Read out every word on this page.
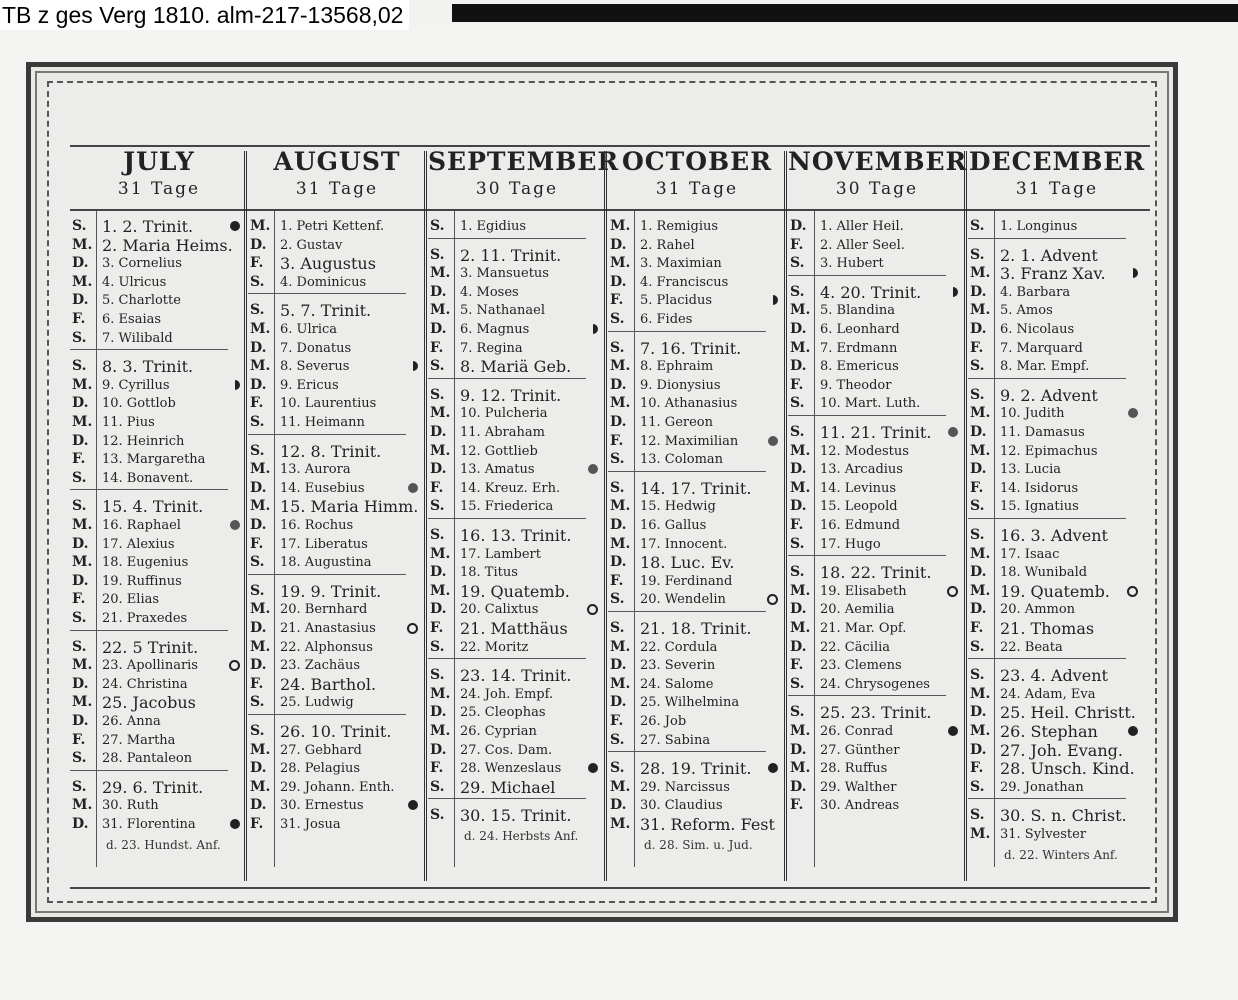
TB z ges Verg 1810. alm-217-13568,02
JULY
31 Tage
S. 1. 2. Trinit.
M. 2. Maria Heims.
D.	3. Cornelius
M. 4. Ulricus
D.	5. Charlotte
F.	6. Esaias
S.	7. Wilibald
S. 8. 3. Trinit.
M. 9. Cyrillus
D.	10. Gottlob
M. 11. Pius
D.	12. Heinrich
F.	13. Margaretha
S.	14. Bonavent.
S. 15. 4. Trinit.
M. 16. Raphael
D.	17. Alexius
M. 18. Eugenius
D.	19. Ruffinus
F.	20. Elias
S.	21. Praxedes
S. 22. 5 Trinit.
M. 23. Apollinaris
D.	24. Christina
M. 25. Jacobus
D.	26. Anna
F.	27. Martha
S.	28. Pantaleon
S. 29. 6. Trinit.
M. 30. Ruth
D.	31. Florentina
d. 23. Hundst. Anf.
AUGUST
31 Tage
M. 1. Petri Kettenf.
D.	2. Gustav
F.	3. Augustus
S.	4. Dominicus
S. 5. 7. Trinit.
M. 6. Ulrica
D.	7. Donatus
M. 8. Severus
D.	9. Ericus
F.	10. Laurentius
S.	11. Heimann
S. 12. 8. Trinit.
M. 13. Aurora
D.	14. Eusebius
M. 15. Maria Himm.
D.	16. Rochus
F.	17. Liberatus
S.	18. Augustina
S. 19. 9. Trinit.
M. 20. Bernhard
D.	21. Anastasius
M. 22. Alphonsus
D.	23. Zachäus
F.	24. Barthol.
S.	25. Ludwig
S. 26. 10. Trinit.
M. 27. Gebhard
D.	28. Pelagius
M. 29. Johann. Enth.
D.	30. Ernestus
F.	31. Josua
SEPTEMBER
30 Tage
S.	1. Egidius
S. 2. 11. Trinit.
M. 3. Mansuetus
D.	4. Moses
M. 5. Nathanael
D.	6. Magnus
F.	7. Regina
S. 8. Mariä Geb.
S. 9. 12. Trinit.
M. 10. Pulcheria
D.	11. Abraham
M. 12. Gottlieb
D.	13. Amatus
F.	14. Kreuz. Erh.
S.	15. Friederica
S. 16. 13. Trinit.
M. 17. Lambert
D.	18. Titus
M. 19. Quatemb.
D.	20. Calixtus
F.	21. Matthäus
S.	22. Moritz
S. 23. 14. Trinit.
M. 24. Joh. Empf.
D.	25. Cleophas
M. 26. Cyprian
D.	27. Cos. Dam.
F.	28. Wenzeslaus
S. 29. Michael
S. 30. 15. Trinit.
d. 24. Herbsts Anf.
OCTOBER
31 Tage
M. 1. Remigius
D.	2. Rahel
M. 3. Maximian
D.	4. Franciscus
F.	5. Placidus
S.	6. Fides
S. 7. 16. Trinit.
M. 8. Ephraim
D.	9. Dionysius
M. 10. Athanasius
D.	11. Gereon
F.	12. Maximilian
S.	13. Coloman
S. 14. 17. Trinit.
M. 15. Hedwig
D.	16. Gallus
M. 17. Innocent.
D. 18. Luc. Ev.
F.	19. Ferdinand
S.	20. Wendelin
S. 21. 18. Trinit.
M. 22. Cordula
D.	23. Severin
M. 24. Salome
D.	25. Wilhelmina
F.	26. Job
S.	27. Sabina
S. 28. 19. Trinit.
M. 29. Narcissus
D.	30. Claudius
M. 31. Reform. Fest
d. 28. Sim. u. Jud.
NOVEMBER
30 Tage
D.	1. Aller Heil.
F.	2. Aller Seel.
S.	3. Hubert
S. 4. 20. Trinit.
M. 5. Blandina
D.	6. Leonhard
M. 7. Erdmann
D.	8. Emericus
F.	9. Theodor
S.	10. Mart. Luth.
S. 11. 21. Trinit.
M. 12. Modestus
D.	13. Arcadius
M. 14. Levinus
D.	15. Leopold
F.	16. Edmund
S.	17. Hugo
S. 18. 22. Trinit.
M. 19. Elisabeth
D.	20. Aemilia
M. 21. Mar. Opf.
D.	22. Cäcilia
F.	23. Clemens
S.	24. Chrysogenes
S. 25. 23. Trinit.
M. 26. Conrad
D.	27. Günther
M. 28. Ruffus
D.	29. Walther
F.	30. Andreas
DECEMBER
31 Tage
S.	1. Longinus
S. 2. 1. Advent
M. 3. Franz Xav.
D.	4. Barbara
M. 5. Amos
D.	6. Nicolaus
F.	7. Marquard
S.	8. Mar. Empf.
S. 9. 2. Advent
M. 10. Judith
D.	11. Damasus
M. 12. Epimachus
D.	13. Lucia
F.	14. Isidorus
S.	15. Ignatius
S. 16. 3. Advent
M. 17. Isaac
D.	18. Wunibald
M. 19. Quatemb.
D.	20. Ammon
F.	21. Thomas
S.	22. Beata
S. 23. 4. Advent
M. 24. Adam, Eva
D. 25. Heil. Christt.
M. 26. Stephan
D. 27. Joh. Evang.
F.	28. Unsch. Kind.
S.	29. Jonathan
S. 30. S. n. Christ.
M. 31. Sylvester
d. 22. Winters Anf.
